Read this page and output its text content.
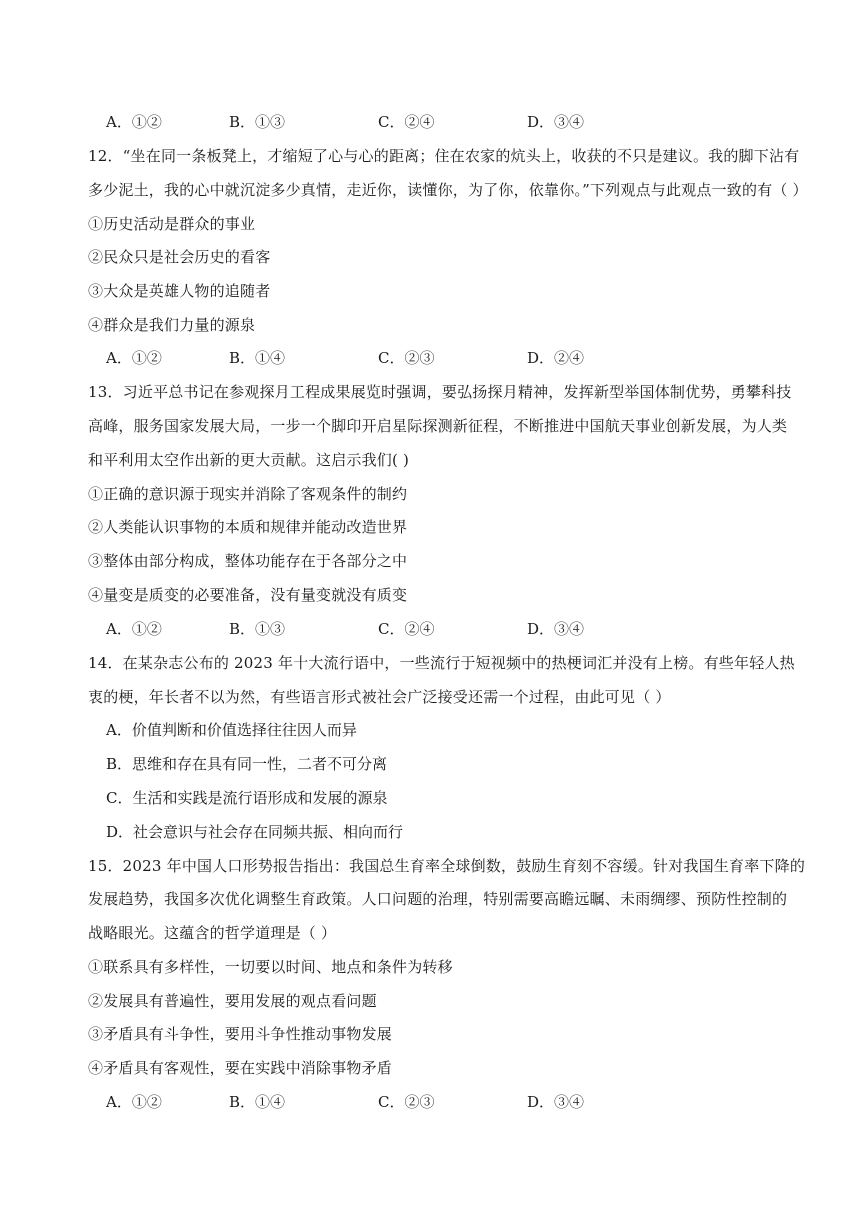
A．①②	B．①③	C．②④	D．③④
12．“坐在同一条板凳上，才缩短了心与心的距离；住在农家的炕头上，收获的不只是建议。我的脚下沾有
多少泥土，我的心中就沉淀多少真情，走近你，读懂你，为了你，依靠你。”下列观点与此观点一致的有（ ）
①历史活动是群众的事业
②民众只是社会历史的看客
③大众是英雄人物的追随者
④群众是我们力量的源泉
A．①②	B．①④	C．②③	D．②④
13．习近平总书记在参观探月工程成果展览时强调，要弘扬探月精神，发挥新型举国体制优势，勇攀科技
高峰，服务国家发展大局，一步一个脚印开启星际探测新征程，不断推进中国航天事业创新发展，为人类
和平利用太空作出新的更大贡献。这启示我们( )
①正确的意识源于现实并消除了客观条件的制约
②人类能认识事物的本质和规律并能动改造世界
③整体由部分构成，整体功能存在于各部分之中
④量变是质变的必要准备，没有量变就没有质变
A．①②	B．①③	C．②④	D．③④
14．在某杂志公布的 2023 年十大流行语中，一些流行于短视频中的热梗词汇并没有上榜。有些年轻人热
衷的梗，年长者不以为然，有些语言形式被社会广泛接受还需一个过程，由此可见（ ）
A．价值判断和价值选择往往因人而异
B．思维和存在具有同一性，二者不可分离
C．生活和实践是流行语形成和发展的源泉
D．社会意识与社会存在同频共振、相向而行
15．2023 年中国人口形势报告指出：我国总生育率全球倒数，鼓励生育刻不容缓。针对我国生育率下降的
发展趋势，我国多次优化调整生育政策。人口问题的治理，特别需要高瞻远瞩、未雨绸缪、预防性控制的
战略眼光。这蕴含的哲学道理是（ ）
①联系具有多样性，一切要以时间、地点和条件为转移
②发展具有普遍性，要用发展的观点看问题
③矛盾具有斗争性，要用斗争性推动事物发展
④矛盾具有客观性，要在实践中消除事物矛盾
A．①②	B．①④	C．②③	D．③④
